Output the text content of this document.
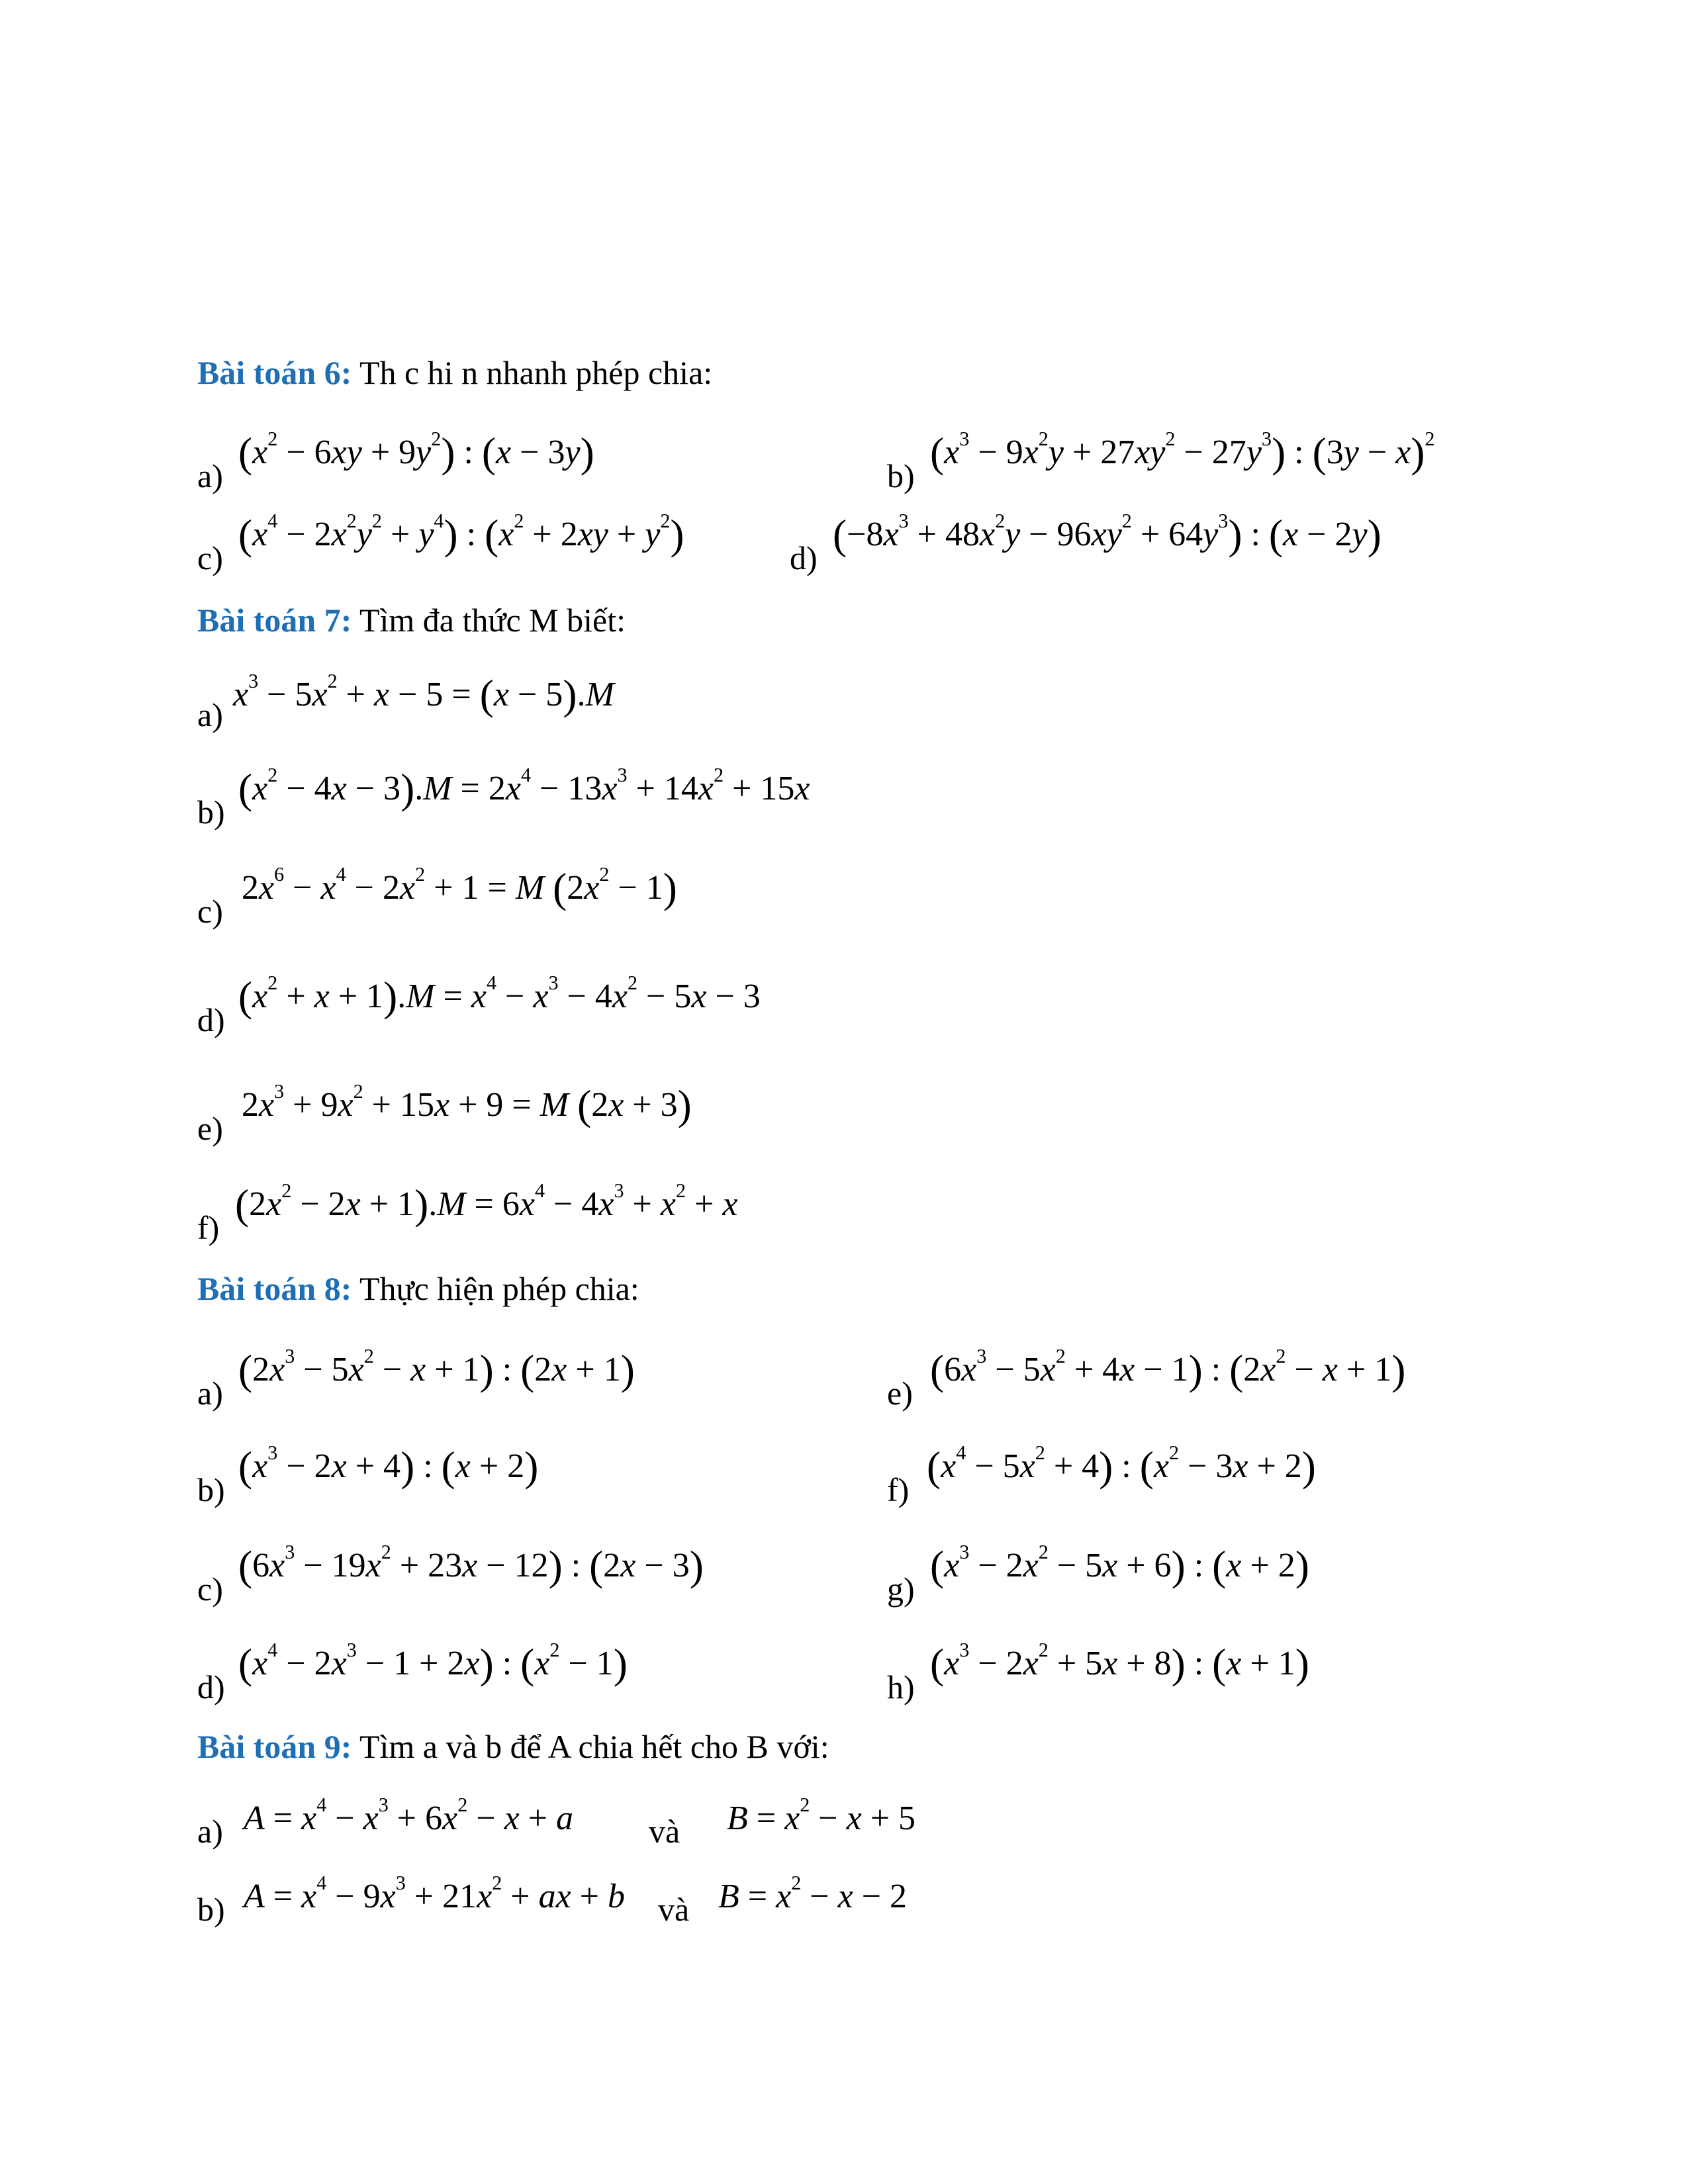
Bài toán 6: Th c hi n nhanh phép chia:
a) $(x^2 - 6xy + 9y^2)$ : (x − 3y)	b) $(x^3 - 9x^2y + 27xy^2 - 27y^3)$ : $(3y - x)^2$
c) $(x^4 - 2x^2y^2 + y^4)$ : $(x^2 + 2xy + y^2)$	d) $(-8x^3 + 48x^2y - 96xy^2 + 64y^3)$ : (x − 2y)
Bài toán 7: Tìm đa thức M biết:
a)
$x^3 - 5x^2 + x - 5 = (x - 5).M$
b) $(x^2 - 4x - 3).M = 2x^4 - 13x^3 + 14x^2 + 15x$
c)
$2x^6 - x^4 - 2x^2 + 1 = M$ $(2x^2 - 1)$
d) $(x^2 + x + 1).M = x^4 - x^3 - 4x^2 - 5x - 3$
e)
$2x^3 + 9x^2 + 15x + 9 = M$ (2x + 3)
f) $(2x^2 - 2x + 1).M = 6x^4 - 4x^3 + x^2 + x$
Bài toán 8: Thực hiện phép chia:
a) $(2x^3 - 5x^2 - x + 1)$ : (2x + 1)	e) $(6x^3 - 5x^2 + 4x - 1)$ : $(2x^2 - x + 1)$
b) $(x^3 - 2x + 4)$ : (x + 2)	f) $(x^4 - 5x^2 + 4)$ : $(x^2 - 3x + 2)$
c) $(6x^3 - 19x^2 + 23x - 12)$ : (2x − 3)	g) $(x^3 - 2x^2 - 5x + 6)$ : (x + 2)
d) $(x^4 - 2x^3 - 1 + 2x)$ : $(x^2 - 1)$	h) $(x^3 - 2x^2 + 5x + 8)$ : (x + 1)
Bài toán 9: Tìm a và b để A chia hết cho B với:
a) $A = x^4 - x^3 + 6x^2 - x + a$ và $B = x^2 - x + 5$
b) $A = x^4 - 9x^3 + 21x^2$ + ax + b và $B = x^2 - x - 2$
